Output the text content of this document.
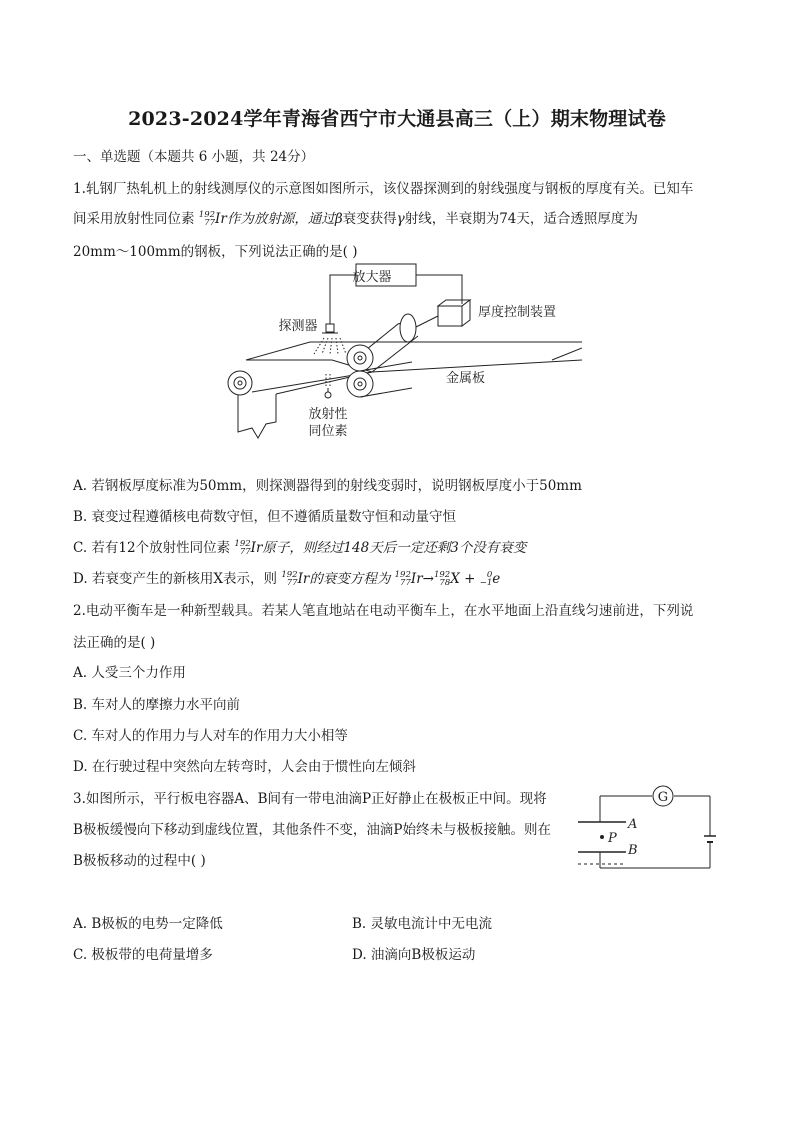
2023-2024学年青海省西宁市大通县高三（上）期末物理试卷
一、单选题（本题共 6 小题，共 24分）
1.轧钢厂热轧机上的射线测厚仪的示意图如图所示，该仪器探测到的射线强度与钢板的厚度有关。已知车
间采用放射性同位素 192
77Ir作为放射源，通过β衰变获得γ射线，半衰期为74天，适合透照厚度为
20mm～100mm的钢板，下列说法正确的是( )
放大器
探测器
厚度控制装置
金属板
放射性
同位素
A. 若钢板厚度标准为50mm，则探测器得到的射线变弱时，说明钢板厚度小于50mm
B. 衰变过程遵循核电荷数守恒，但不遵循质量数守恒和动量守恒
C. 若有12个放射性同位素 192
77Ir原子，则经过148天后一定还剩3个没有衰变
D. 若衰变产生的新核用X表示，则 192
77Ir的衰变方程为 192
77Ir→192
78X + 0
−1e
2.电动平衡车是一种新型载具。若某人笔直地站在电动平衡车上，在水平地面上沿直线匀速前进，下列说
法正确的是( )
A. 人受三个力作用
B. 车对人的摩擦力水平向前
C. 车对人的作用力与人对车的作用力大小相等
D. 在行驶过程中突然向左转弯时，人会由于惯性向左倾斜
3.如图所示，平行板电容器A、B间有一带电油滴P正好静止在极板正中间。现将
B极板缓慢向下移动到虚线位置，其他条件不变，油滴P始终未与极板接触。则在
B极板移动的过程中( )
G
A
P
B
A. B极板的电势一定降低	B. 灵敏电流计中无电流
C. 极板带的电荷量增多	D. 油滴向B极板运动
